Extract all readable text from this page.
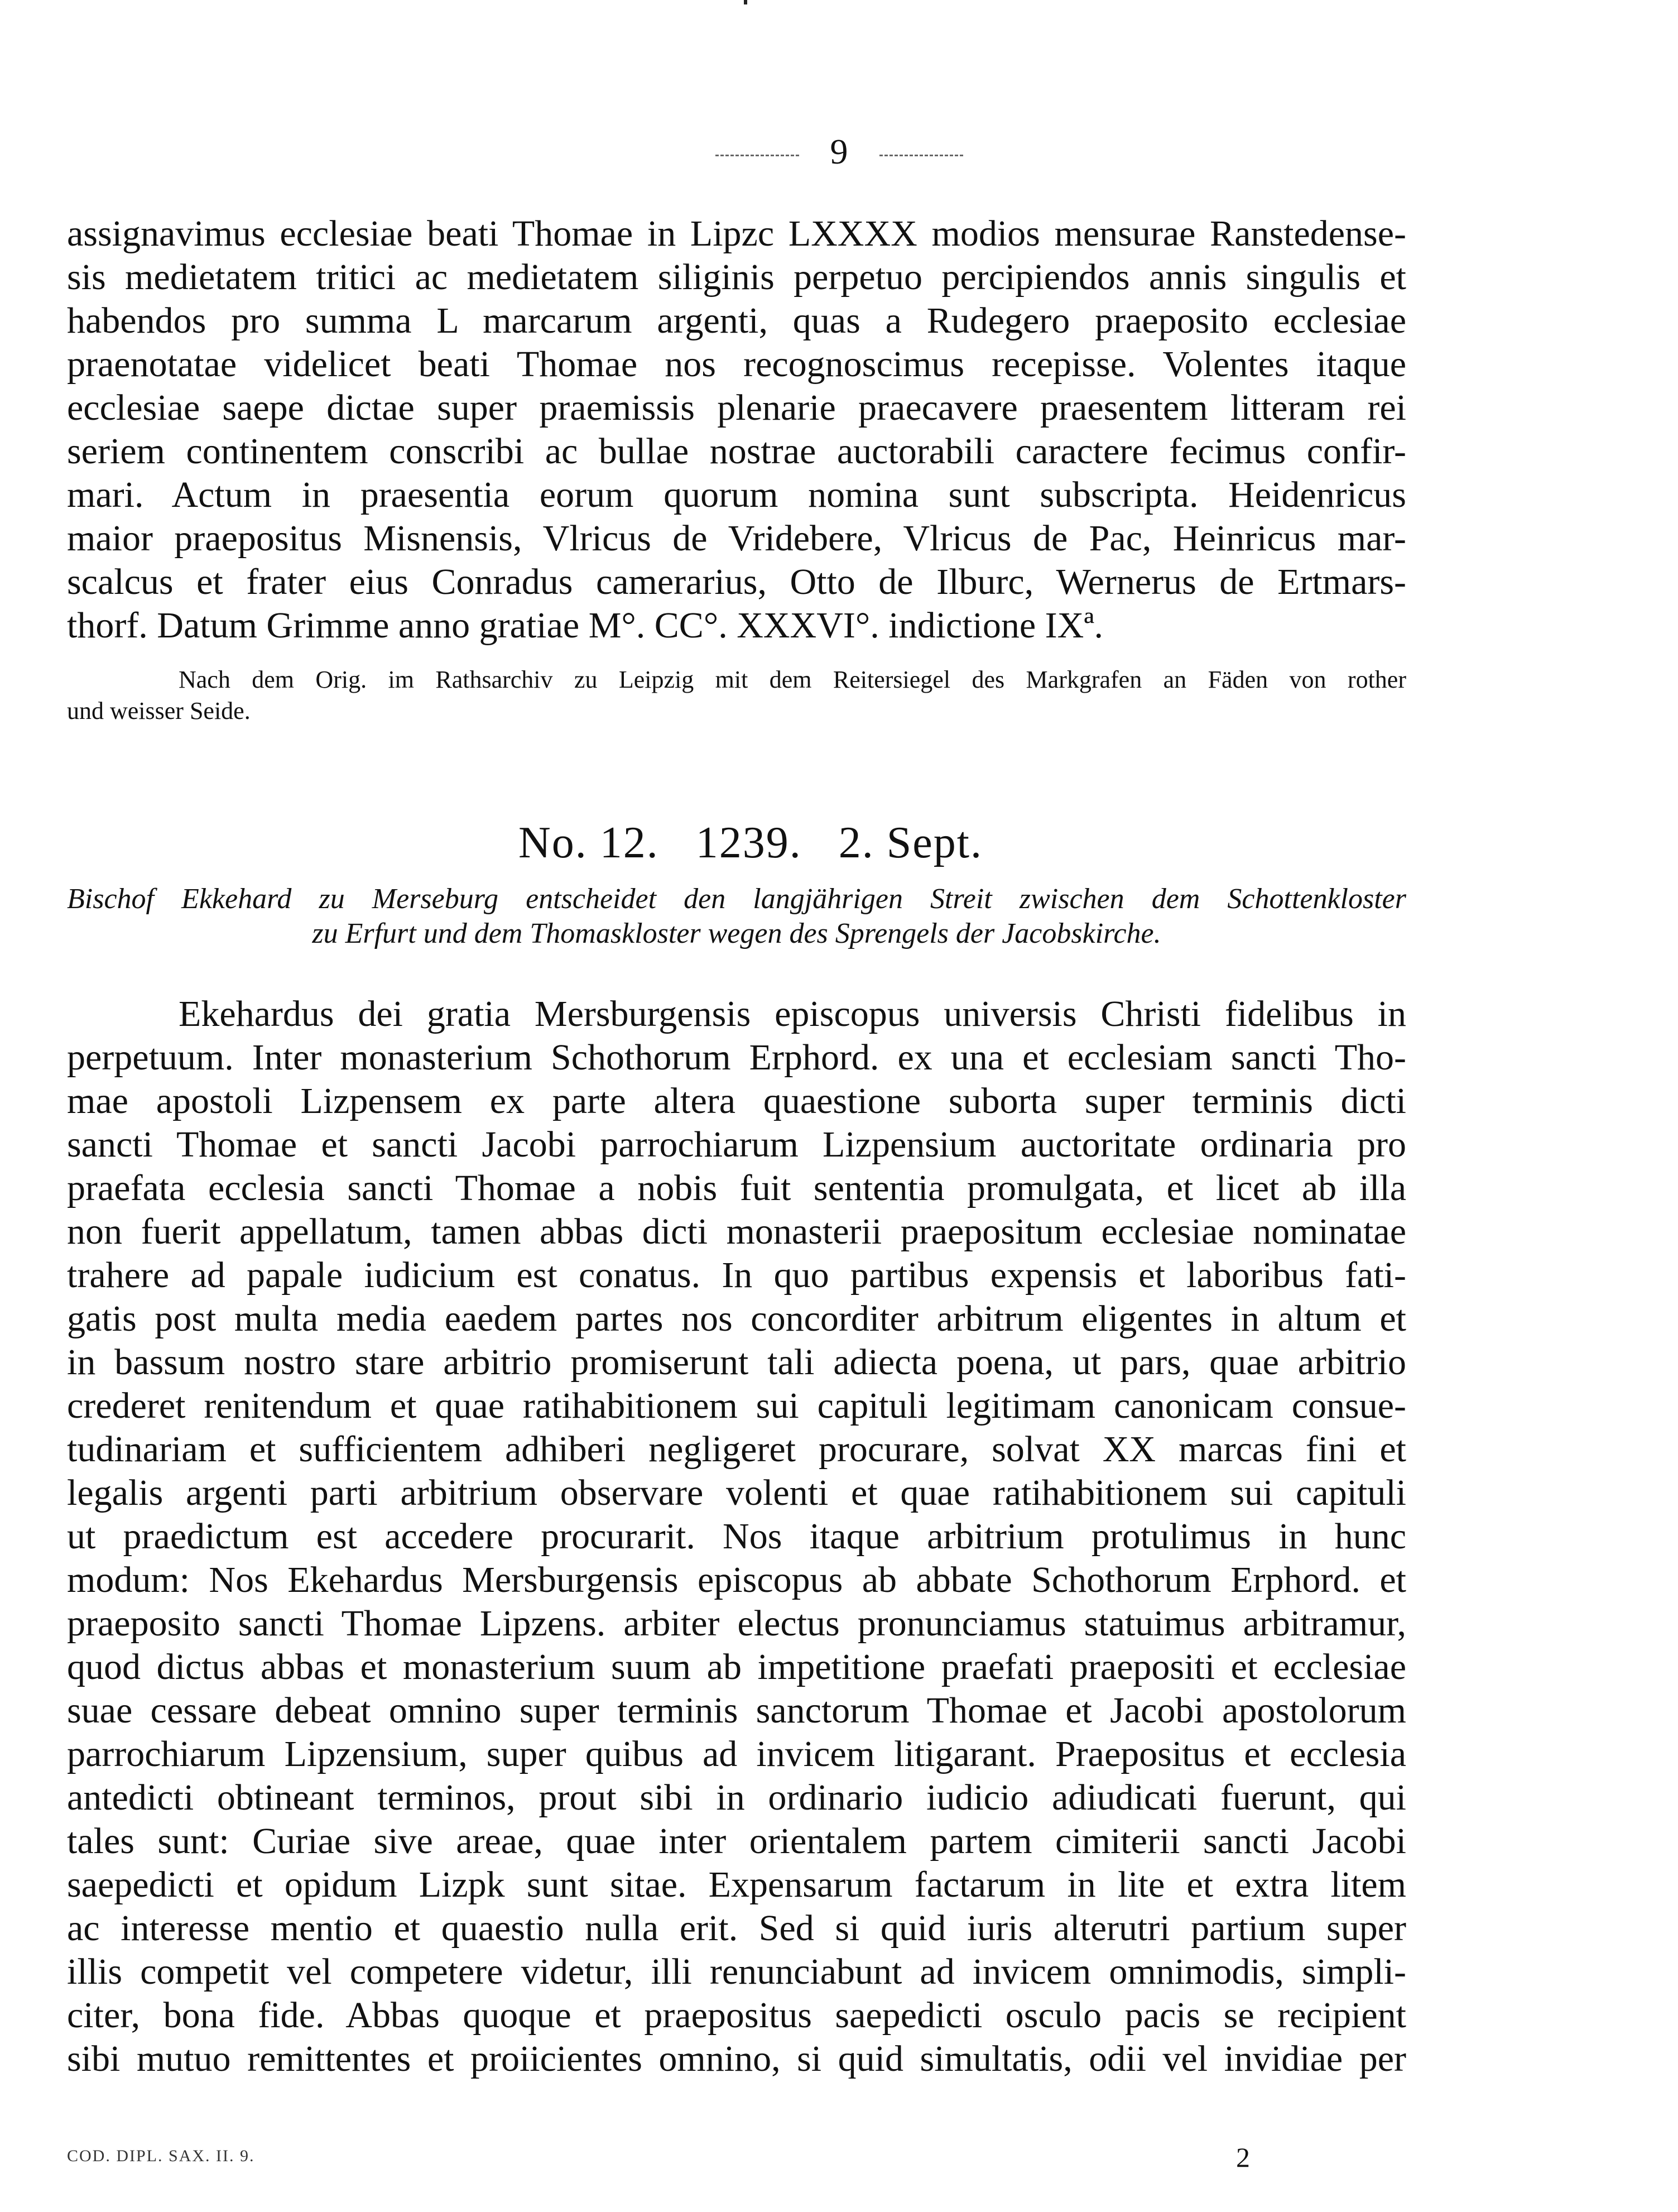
9
assignavimus ecclesiae beati Thomae in Lipzc LXXXX modios mensurae Ranstedense-
sis medietatem tritici ac medietatem siliginis perpetuo percipiendos annis singulis et
habendos pro summa L marcarum argenti, quas a Rudegero praeposito ecclesiae
praenotatae videlicet beati Thomae nos recognoscimus recepisse. Volentes itaque
ecclesiae saepe dictae super praemissis plenarie praecavere praesentem litteram rei
seriem continentem conscribi ac bullae nostrae auctorabili caractere fecimus confir-
mari. Actum in praesentia eorum quorum nomina sunt subscripta. Heidenricus
maior praepositus Misnensis, Vlricus de Vridebere, Vlricus de Pac, Heinricus mar-
scalcus et frater eius Conradus camerarius, Otto de Ilburc, Wernerus de Ertmars-
thorf. Datum Grimme anno gratiae M°. CC°. XXXVI°. indictione IXª.
Nach dem Orig. im Rathsarchiv zu Leipzig mit dem Reitersiegel des Markgrafen an Fäden von rother
und weisser Seide.
No. 12.   1239.   2. Sept.
Bischof Ekkehard zu Merseburg entscheidet den langjährigen Streit zwischen dem Schottenkloster
zu Erfurt und dem Thomaskloster wegen des Sprengels der Jacobskirche.
Ekehardus dei gratia Mersburgensis episcopus universis Christi fidelibus in
perpetuum. Inter monasterium Schothorum Erphord. ex una et ecclesiam sancti Tho-
mae apostoli Lizpensem ex parte altera quaestione suborta super terminis dicti
sancti Thomae et sancti Jacobi parrochiarum Lizpensium auctoritate ordinaria pro
praefata ecclesia sancti Thomae a nobis fuit sententia promulgata, et licet ab illa
non fuerit appellatum, tamen abbas dicti monasterii praepositum ecclesiae nominatae
trahere ad papale iudicium est conatus. In quo partibus expensis et laboribus fati-
gatis post multa media eaedem partes nos concorditer arbitrum eligentes in altum et
in bassum nostro stare arbitrio promiserunt tali adiecta poena, ut pars, quae arbitrio
crederet renitendum et quae ratihabitionem sui capituli legitimam canonicam consue-
tudinariam et sufficientem adhiberi negligeret procurare, solvat XX marcas fini et
legalis argenti parti arbitrium observare volenti et quae ratihabitionem sui capituli
ut praedictum est accedere procurarit. Nos itaque arbitrium protulimus in hunc
modum: Nos Ekehardus Mersburgensis episcopus ab abbate Schothorum Erphord. et
praeposito sancti Thomae Lipzens. arbiter electus pronunciamus statuimus arbitramur,
quod dictus abbas et monasterium suum ab impetitione praefati praepositi et ecclesiae
suae cessare debeat omnino super terminis sanctorum Thomae et Jacobi apostolorum
parrochiarum Lipzensium, super quibus ad invicem litigarant. Praepositus et ecclesia
antedicti obtineant terminos, prout sibi in ordinario iudicio adiudicati fuerunt, qui
tales sunt: Curiae sive areae, quae inter orientalem partem cimiterii sancti Jacobi
saepedicti et opidum Lizpk sunt sitae. Expensarum factarum in lite et extra litem
ac interesse mentio et quaestio nulla erit. Sed si quid iuris alterutri partium super
illis competit vel competere videtur, illi renunciabunt ad invicem omnimodis, simpli-
citer, bona fide. Abbas quoque et praepositus saepedicti osculo pacis se recipient
sibi mutuo remittentes et proiicientes omnino, si quid simultatis, odii vel invidiae per
COD. DIPL. SAX. II. 9.	2
